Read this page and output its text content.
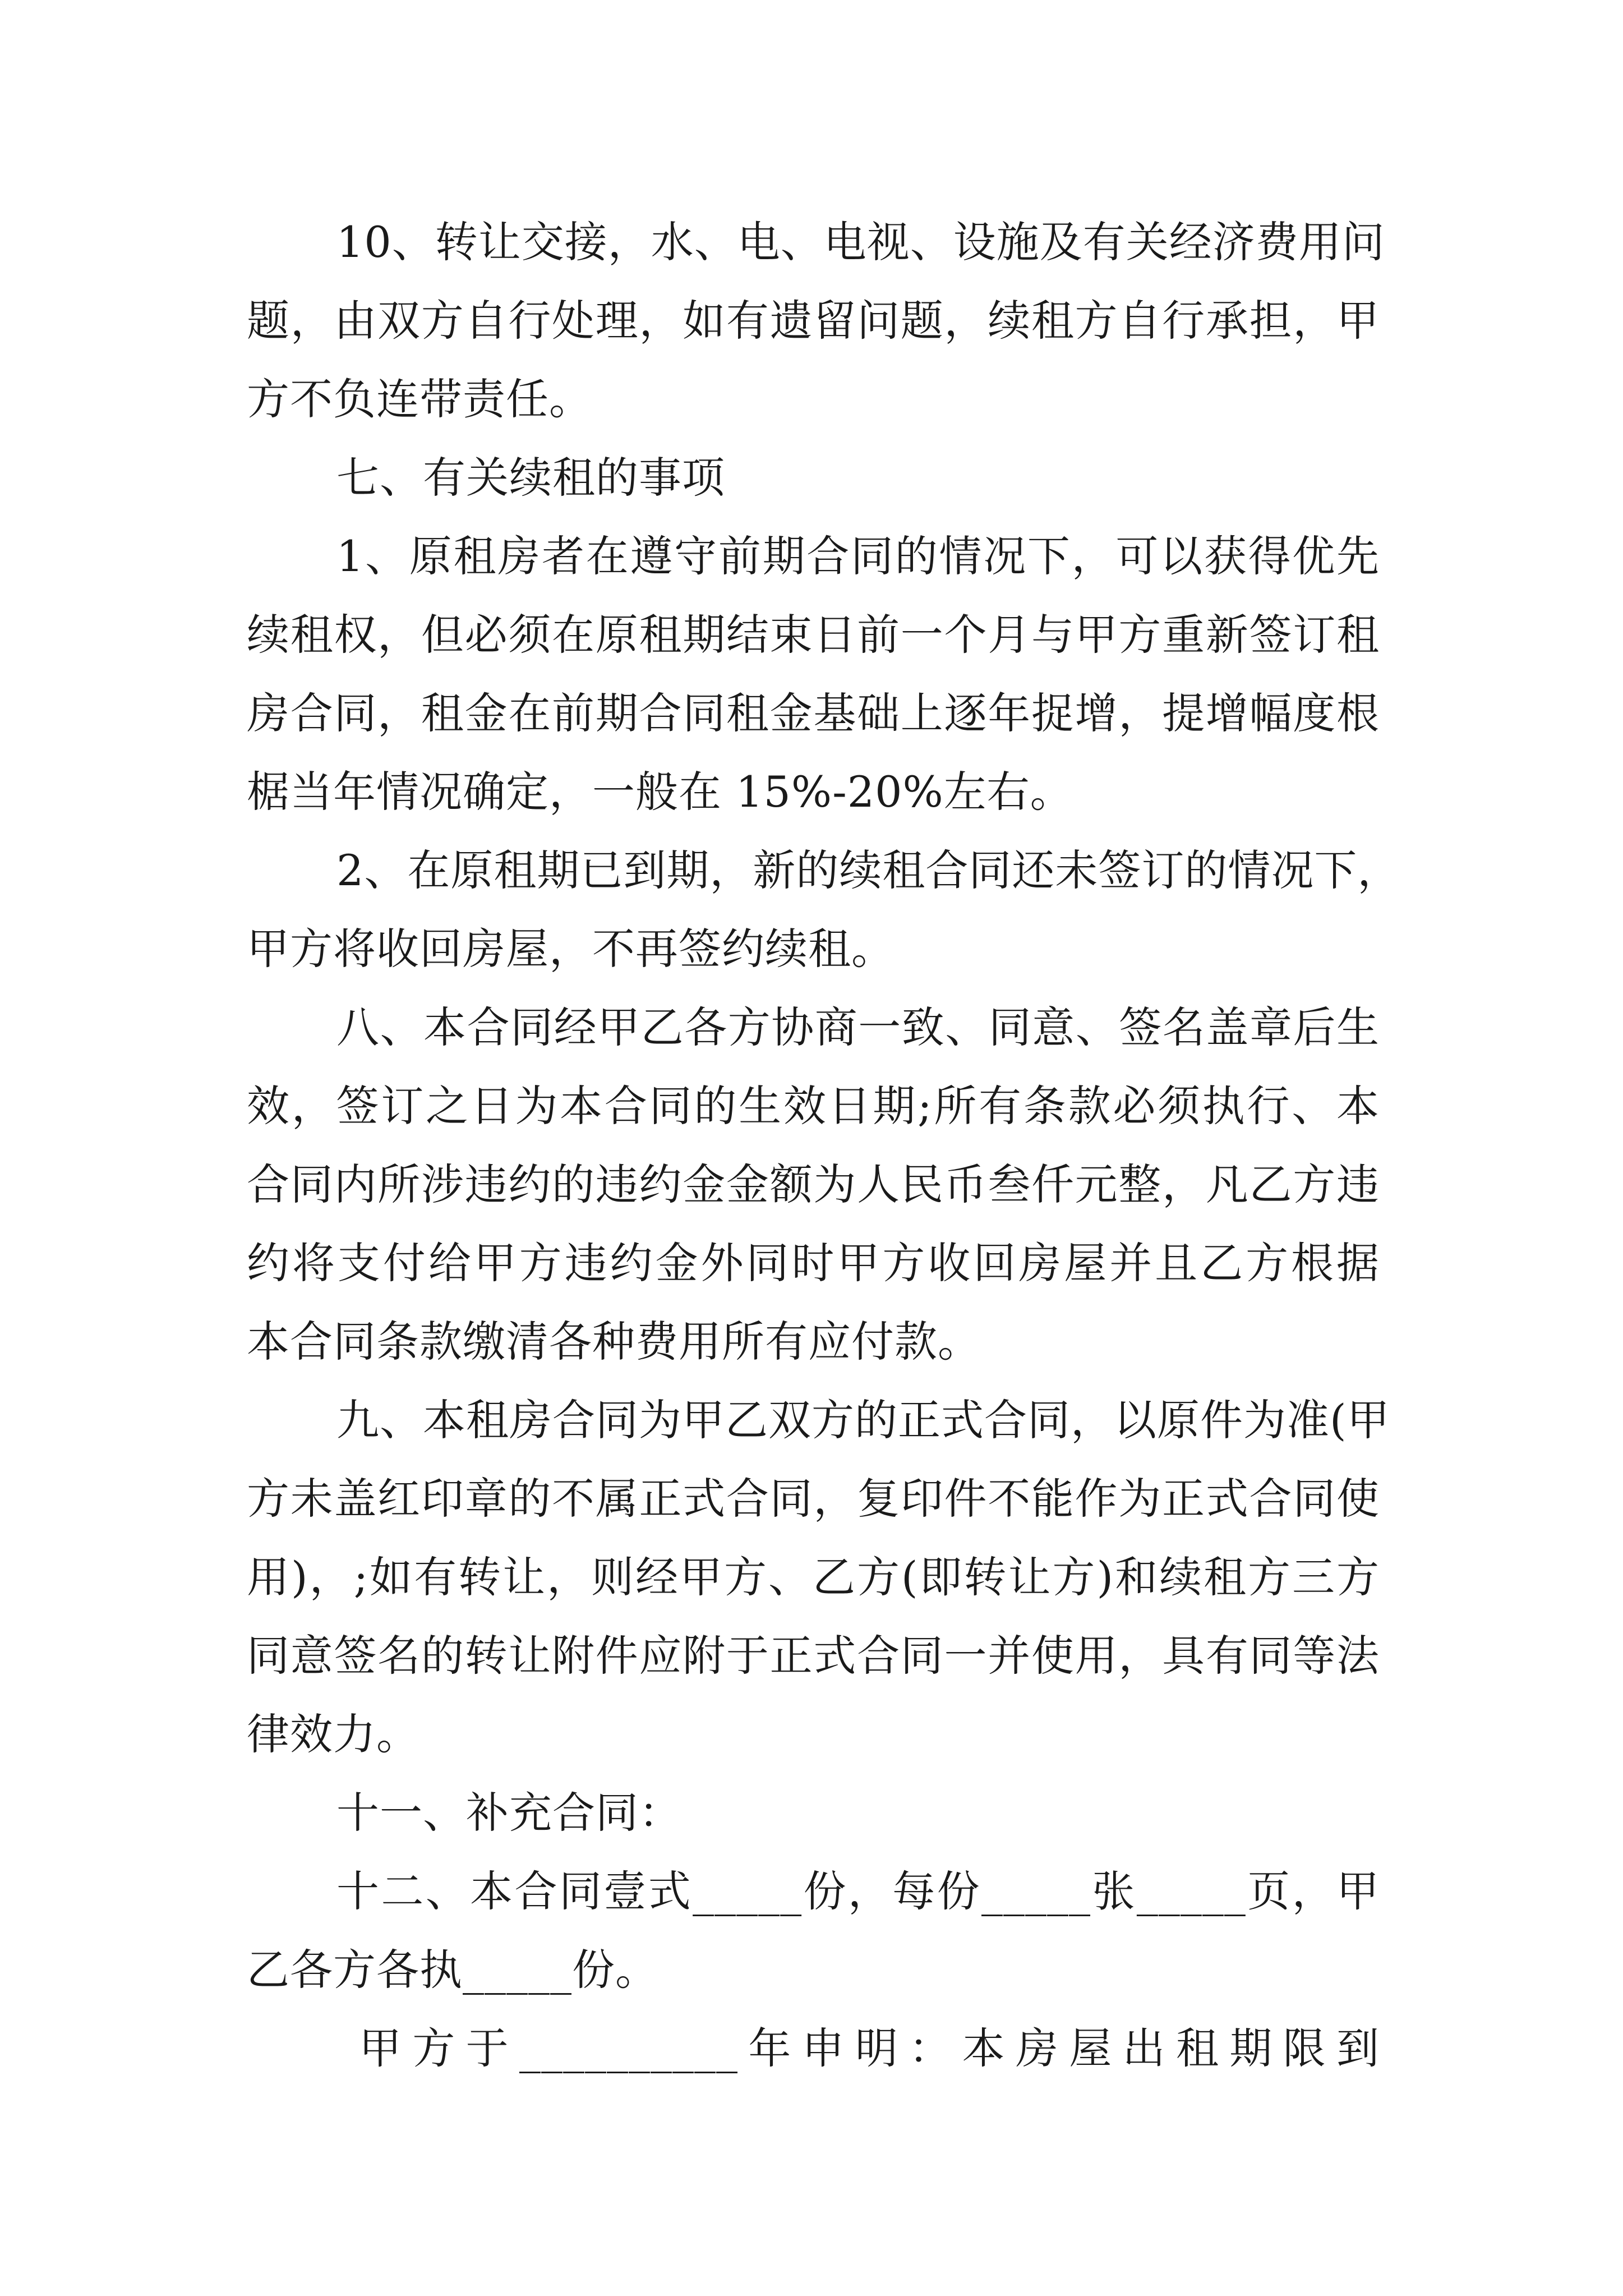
10、转让交接，水、电、电视、设施及有关经济费用问
题，由双方自行处理，如有遗留问题，续租方自行承担，甲
方不负连带责任。
七、有关续租的事项
1、原租房者在遵守前期合同的情况下，可以获得优先
续租权，但必须在原租期结束日前一个月与甲方重新签订租
房合同，租金在前期合同租金基础上逐年捉增，提增幅度根
椐当年情况确定，一般在 15%-20%左右。
2、在原租期已到期，新的续租合同还未签订的情况下，
甲方将收回房屋，不再签约续租。
八、本合同经甲乙各方协商一致、同意、签名盖章后生
效，签订之日为本合同的生效日期;所有条款必须执行、本
合同内所涉违约的违约金金额为人民币叁仟元整，凡乙方违
约将支付给甲方违约金外同时甲方收回房屋并且乙方根据
本合同条款缴清各种费用所有应付款。
九、本租房合同为甲乙双方的正式合同，以原件为准(甲
方未盖红印章的不属正式合同，复印件不能作为正式合同使
用)，;如有转让，则经甲方、乙方(即转让方)和续租方三方
同意签名的转让附件应附于正式合同一并使用，具有同等法
律效力。
十一、补充合同：
十二、本合同壹式_____份，每份_____张_____页，甲
乙各方各执_____份。
甲方于__________年申明：本房屋出租期限到
